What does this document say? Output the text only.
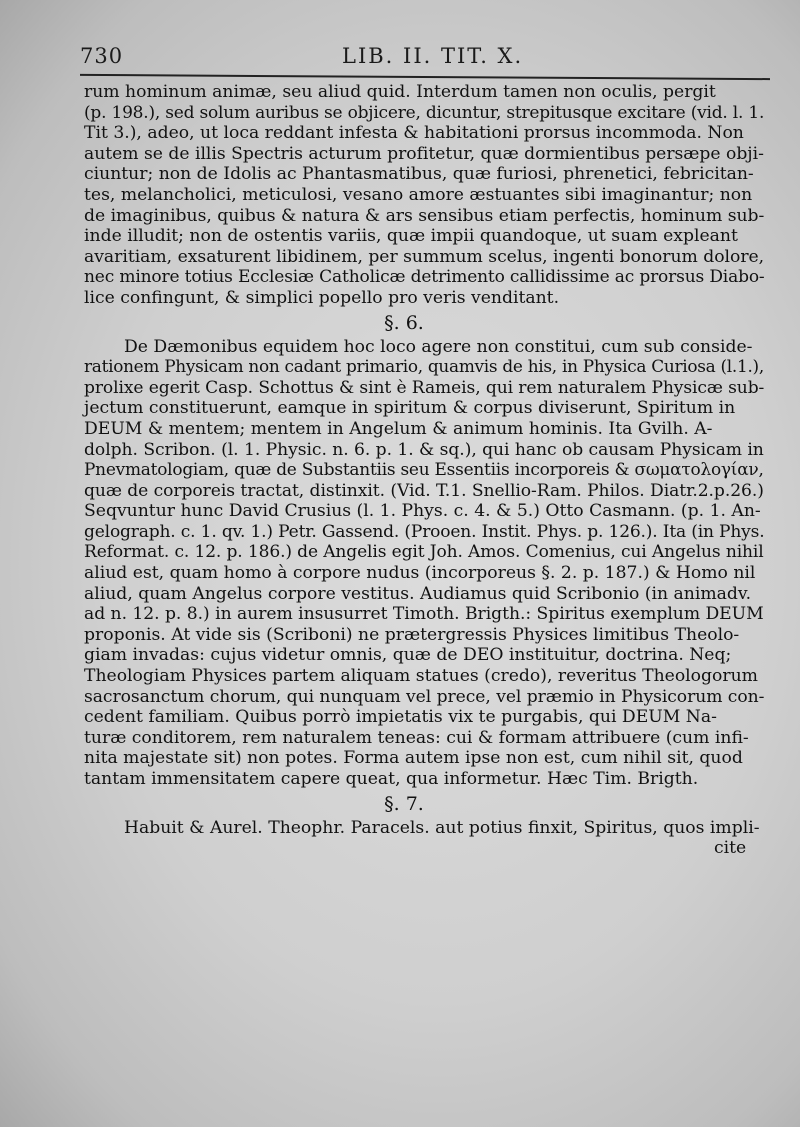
730	LIB. II. TIT. X.
rum hominum animæ, seu aliud quid. Interdum tamen non oculis, pergit
(p. 198.), sed solum auribus se objicere, dicuntur, strepitusque excitare (vid. l. 1.
Tit 3.), adeo, ut loca reddant infesta & habitationi prorsus incommoda. Non
autem se de illis Spectris acturum profitetur, quæ dormientibus persæpe obji-
ciuntur; non de Idolis ac Phantasmatibus, quæ furiosi, phrenetici, febricitan-
tes, melancholici, meticulosi, vesano amore æstuantes sibi imaginantur; non
de imaginibus, quibus & natura & ars sensibus etiam perfectis, hominum sub-
inde illudit; non de ostentis variis, quæ impii quandoque, ut suam expleant
avaritiam, exsaturent libidinem, per summum scelus, ingenti bonorum dolore,
nec minore totius Ecclesiæ Catholicæ detrimento callidissime ac prorsus Diabo-
lice confingunt, & simplici popello pro veris venditant.
§. 6.
De Dæmonibus equidem hoc loco agere non constitui, cum sub conside-
rationem Physicam non cadant primario, quamvis de his, in Physica Curiosa (l.1.),
prolixe egerit Casp. Schottus & sint è Rameis, qui rem naturalem Physicæ sub-
jectum constituerunt, eamque in spiritum & corpus diviserunt, Spiritum in
DEUM & mentem; mentem in Angelum & animum hominis. Ita Gvilh. A-
dolph. Scribon. (l. 1. Physic. n. 6. p. 1. & sq.), qui hanc ob causam Physicam in
Pnevmatologiam, quæ de Substantiis seu Essentiis incorporeis & σωματολογίαν,
quæ de corporeis tractat, distinxit. (Vid. T.1. Snellio-Ram. Philos. Diatr.2.p.26.)
Seqvuntur hunc David Crusius (l. 1. Phys. c. 4. & 5.) Otto Casmann. (p. 1. An-
gelograph. c. 1. qv. 1.) Petr. Gassend. (Prooen. Instit. Phys. p. 126.). Ita (in Phys.
Reformat. c. 12. p. 186.) de Angelis egit Joh. Amos. Comenius, cui Angelus nihil
aliud est, quam homo à corpore nudus (incorporeus §. 2. p. 187.) & Homo nil
aliud, quam Angelus corpore vestitus. Audiamus quid Scribonio (in animadv.
ad n. 12. p. 8.) in aurem insusurret Timoth. Brigth.: Spiritus exemplum DEUM
proponis. At vide sis (Scriboni) ne prætergressis Physices limitibus Theolo-
giam invadas: cujus videtur omnis, quæ de DEO instituitur, doctrina. Neq;
Theologiam Physices partem aliquam statues (credo), reveritus Theologorum
sacrosanctum chorum, qui nunquam vel prece, vel præmio in Physicorum con-
cedent familiam. Quibus porrò impietatis vix te purgabis, qui DEUM Na-
turæ conditorem, rem naturalem teneas: cui & formam attribuere (cum infi-
nita majestate sit) non potes. Forma autem ipse non est, cum nihil sit, quod
tantam immensitatem capere queat, qua informetur. Hæc Tim. Brigth.
§. 7.
Habuit & Aurel. Theophr. Paracels. aut potius finxit, Spiritus, quos impli-
cite
